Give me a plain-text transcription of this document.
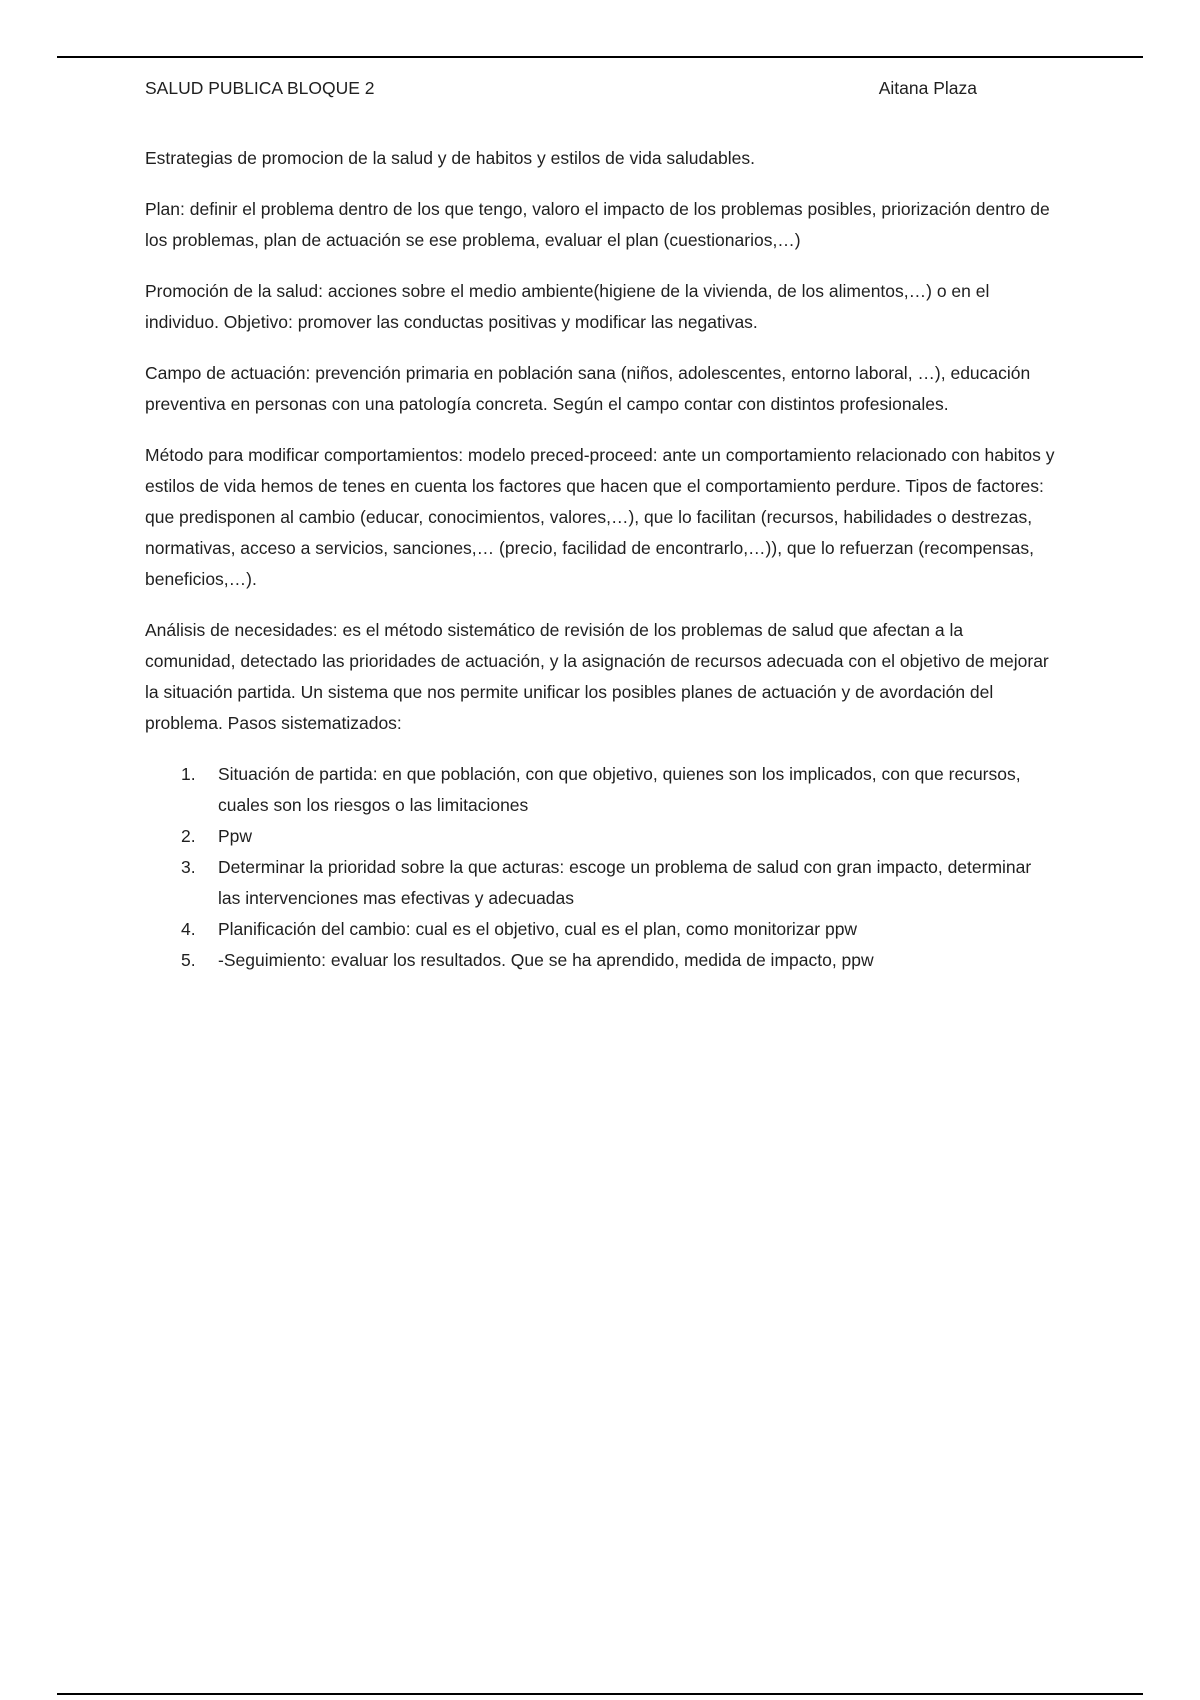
SALUD PUBLICA BLOQUE 2	Aitana Plaza

Estrategias de promocion de la salud y de habitos y estilos de vida saludables.

Plan: definir el problema dentro de los que tengo, valoro el impacto de los problemas posibles, priorización dentro de los problemas, plan de actuación se ese problema, evaluar el plan (cuestionarios,…)

Promoción de la salud: acciones sobre el medio ambiente(higiene de la vivienda, de los alimentos,…) o en el individuo. Objetivo: promover las conductas positivas y modificar las negativas.

Campo de actuación: prevención primaria en población sana (niños, adolescentes, entorno laboral, …), educación preventiva en personas con una patología concreta. Según el campo contar con distintos profesionales.

Método para modificar comportamientos: modelo preced-proceed: ante un comportamiento relacionado con habitos y estilos de vida hemos de tenes en cuenta los factores que hacen que el comportamiento perdure. Tipos de factores: que predisponen al cambio (educar, conocimientos, valores,…), que lo facilitan (recursos, habilidades o destrezas, normativas, acceso a servicios, sanciones,… (precio, facilidad de encontrarlo,…)), que lo refuerzan (recompensas, beneficios,…).

Análisis de necesidades: es el método sistemático de revisión de los problemas de salud que afectan a la comunidad, detectado las prioridades de actuación, y la asignación de recursos adecuada con el objetivo de mejorar la situación partida. Un sistema que nos permite unificar los posibles planes de actuación y de avordación del problema. Pasos sistematizados:

1. Situación de partida: en que población, con que objetivo, quienes son los implicados, con que recursos, cuales son los riesgos o las limitaciones
2. Ppw
3. Determinar la prioridad sobre la que acturas: escoge un problema de salud con gran impacto, determinar las intervenciones mas efectivas y adecuadas
4. Planificación del cambio: cual es el objetivo, cual es el plan, como monitorizar ppw
5. -Seguimiento: evaluar los resultados. Que se ha aprendido, medida de impacto, ppw
